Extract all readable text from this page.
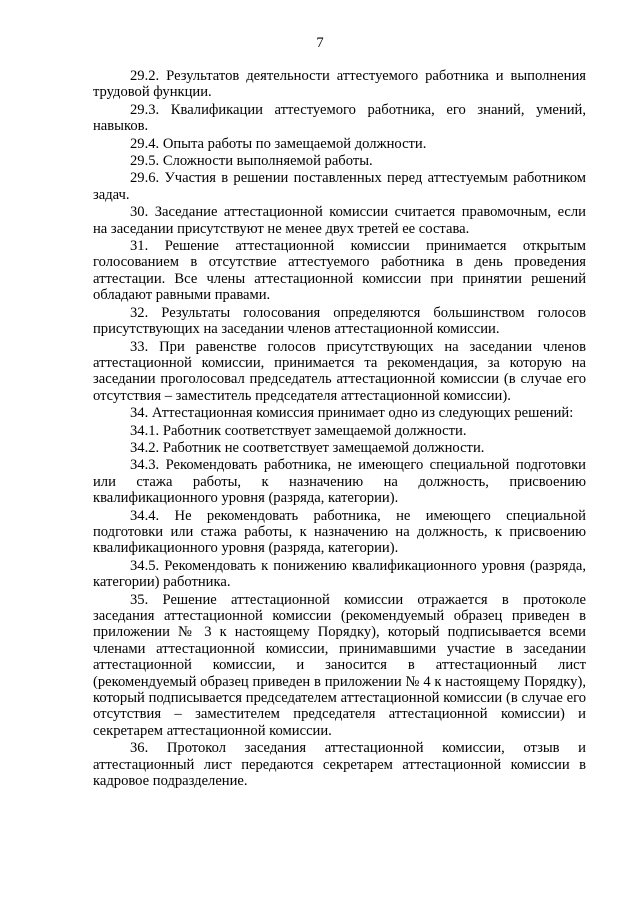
7

29.2. Результатов деятельности аттестуемого работника и выполнения трудовой функции.

29.3. Квалификации аттестуемого работника, его знаний, умений, навыков.

29.4. Опыта работы по замещаемой должности.

29.5. Сложности выполняемой работы.

29.6. Участия в решении поставленных перед аттестуемым работником задач.

30. Заседание аттестационной комиссии считается правомочным, если на заседании присутствуют не менее двух третей ее состава.

31. Решение аттестационной комиссии принимается открытым голосованием в отсутствие аттестуемого работника в день проведения аттестации. Все члены аттестационной комиссии при принятии решений обладают равными правами.

32. Результаты голосования определяются большинством голосов присутствующих на заседании членов аттестационной комиссии.

33. При равенстве голосов присутствующих на заседании членов аттестационной комиссии, принимается та рекомендация, за которую на заседании проголосовал председатель аттестационной комиссии (в случае его отсутствия – заместитель председателя аттестационной комиссии).

34. Аттестационная комиссия принимает одно из следующих решений:

34.1. Работник соответствует замещаемой должности.

34.2. Работник не соответствует замещаемой должности.

34.3. Рекомендовать работника, не имеющего специальной подготовки или стажа работы, к назначению на должность, присвоению квалификационного уровня (разряда, категории).

34.4. Не рекомендовать работника, не имеющего специальной подготовки или стажа работы, к назначению на должность, к присвоению квалификационного уровня (разряда, категории).

34.5. Рекомендовать к понижению квалификационного уровня (разряда, категории) работника.

35. Решение аттестационной комиссии отражается в протоколе заседания аттестационной комиссии (рекомендуемый образец приведен в приложении № 3 к настоящему Порядку), который подписывается всеми членами аттестационной комиссии, принимавшими участие в заседании аттестационной комиссии, и заносится в аттестационный лист (рекомендуемый образец приведен в приложении № 4 к настоящему Порядку), который подписывается председателем аттестационной комиссии (в случае его отсутствия – заместителем председателя аттестационной комиссии) и секретарем аттестационной комиссии.

36. Протокол заседания аттестационной комиссии, отзыв и аттестационный лист передаются секретарем аттестационной комиссии в кадровое подразделение.
